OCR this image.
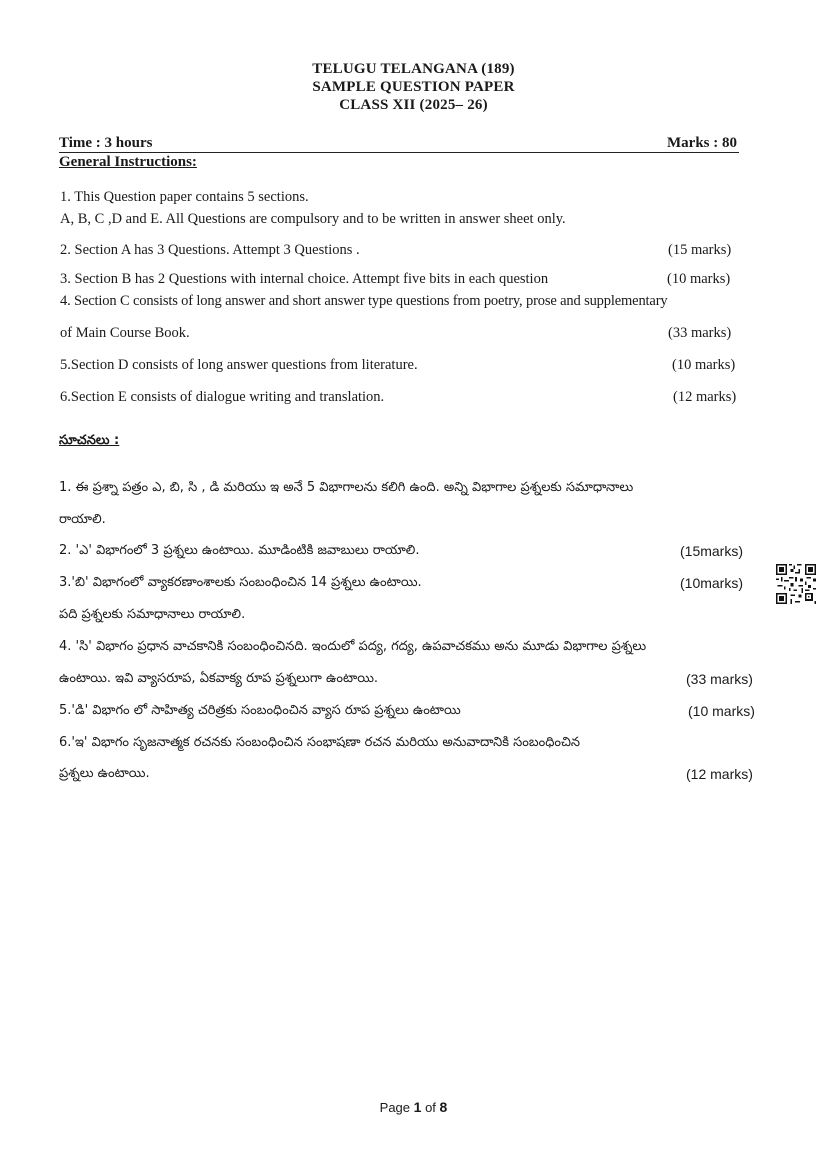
TELUGU TELANGANA (189)
SAMPLE QUESTION PAPER
CLASS XII (2025– 26)
Time : 3 hours	Marks : 80
General Instructions:
1. This Question paper contains 5 sections.
A, B, C ,D and E. All Questions are compulsory and to be written in answer sheet only.
2. Section A has 3 Questions. Attempt 3 Questions .	(15 marks)
3. Section B has 2 Questions with internal choice. Attempt five bits in each question	(10 marks)
4. Section C consists of long answer and short answer type questions from poetry, prose and supplementary
of Main Course Book.	(33 marks)
5.Section D consists of long answer questions from literature.	(10 marks)
6.Section E consists of dialogue writing and translation.	(12 marks)
సూచనలు :
1. ఈ ప్రశ్నా పత్రం ఎ, బి, సి , డి మరియు ఇ అనే 5 విభాగాలను కలిగి ఉంది. అన్ని విభాగాల ప్రశ్నలకు సమాధానాలు
రాయాలి.
2. 'ఎ' విభాగంలో 3 ప్రశ్నలు ఉంటాయి. మూడింటికి జవాబులు రాయాలి.	(15marks)
3.'బి' విభాగంలో వ్యాకరణాంశాలకు సంబంధించిన 14 ప్రశ్నలు ఉంటాయి.	(10marks)
పది ప్రశ్నలకు సమాధానాలు రాయాలి.
4. 'సి' విభాగం ప్రధాన వాచకానికి సంబంధించినది. ఇందులో పద్య, గద్య, ఉపవాచకము అను మూడు విభాగాల ప్రశ్నలు
ఉంటాయి. ఇవి వ్యాసరూప, ఏకవాక్య రూప ప్రశ్నలుగా ఉంటాయి.	(33 marks)
5.'డి' విభాగం లో సాహిత్య చరిత్రకు సంబంధించిన వ్యాస రూప ప్రశ్నలు ఉంటాయి	(10 marks)
6.'ఇ' విభాగం సృజనాత్మక రచనకు సంబంధించిన సంభాషణా రచన మరియు అనువాదానికి సంబంధించిన
ప్రశ్నలు ఉంటాయి.	(12 marks)
Page 1 of 8
